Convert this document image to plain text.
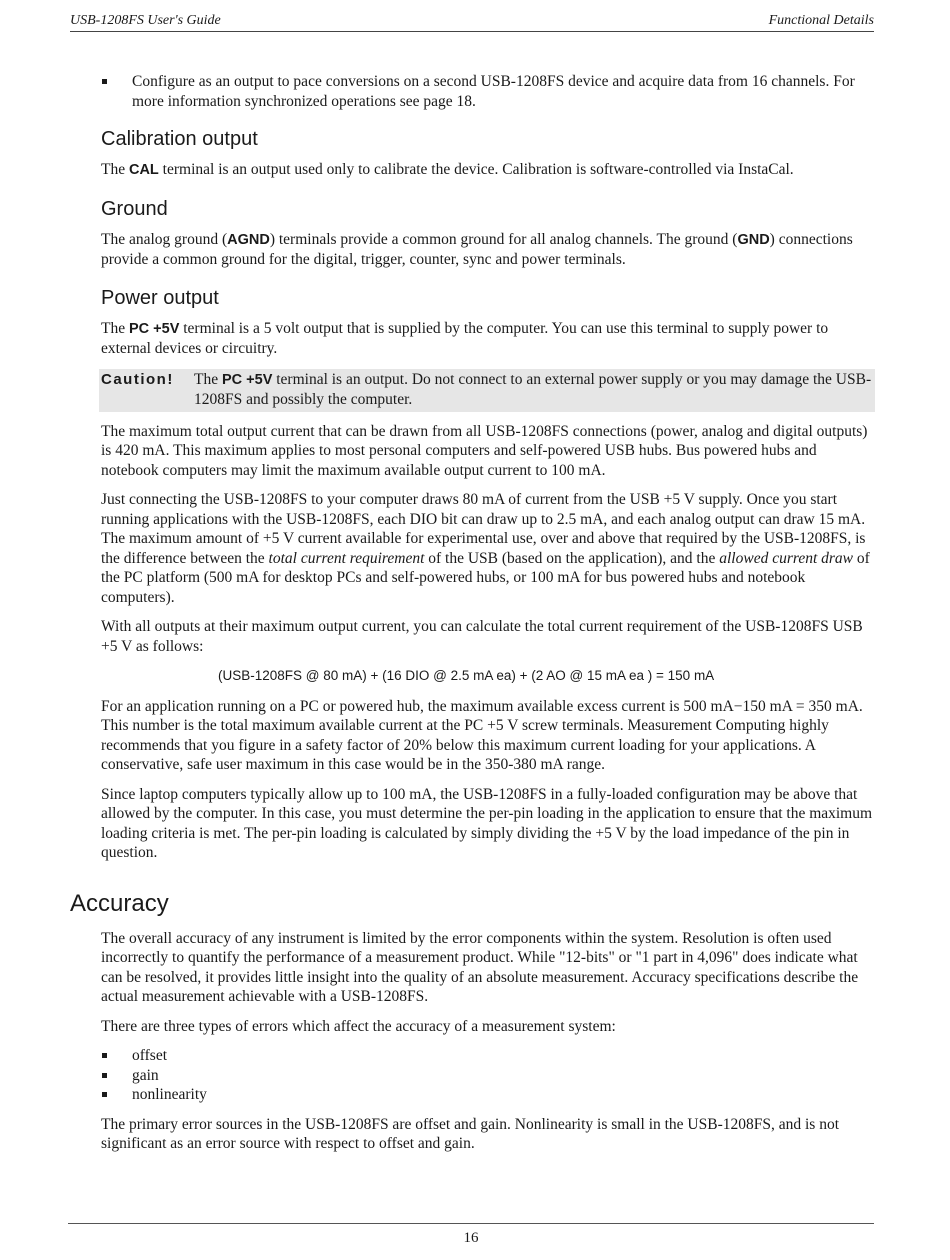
USB-1208FS User's Guide	Functional Details
Configure as an output to pace conversions on a second USB-1208FS device and acquire data from 16 channels. For more information synchronized operations see page 18.
Calibration output

The CAL terminal is an output used only to calibrate the device. Calibration is software-controlled via InstaCal.

Ground

The analog ground (AGND) terminals provide a common ground for all analog channels. The ground (GND) connections provide a common ground for the digital, trigger, counter, sync and power terminals.

Power output

The PC +5V terminal is a 5 volt output that is supplied by the computer. You can use this terminal to supply power to external devices or circuitry.

Caution! The PC +5V terminal is an output. Do not connect to an external power supply or you may damage the USB-1208FS and possibly the computer.

The maximum total output current that can be drawn from all USB-1208FS connections (power, analog and digital outputs) is 420 mA. This maximum applies to most personal computers and self-powered USB hubs. Bus powered hubs and notebook computers may limit the maximum available output current to 100 mA.

Just connecting the USB-1208FS to your computer draws 80 mA of current from the USB +5 V supply. Once you start running applications with the USB-1208FS, each DIO bit can draw up to 2.5 mA, and each analog output can draw 15 mA. The maximum amount of +5 V current available for experimental use, over and above that required by the USB-1208FS, is the difference between the total current requirement of the USB (based on the application), and the allowed current draw of the PC platform (500 mA for desktop PCs and self-powered hubs, or 100 mA for bus powered hubs and notebook computers).

With all outputs at their maximum output current, you can calculate the total current requirement of the USB-1208FS USB +5 V as follows:

(USB-1208FS @ 80 mA) + (16 DIO @ 2.5 mA ea) + (2 AO @ 15 mA ea ) = 150 mA

For an application running on a PC or powered hub, the maximum available excess current is 500 mA−150 mA = 350 mA. This number is the total maximum available current at the PC +5 V screw terminals. Measurement Computing highly recommends that you figure in a safety factor of 20% below this maximum current loading for your applications. A conservative, safe user maximum in this case would be in the 350-380 mA range.

Since laptop computers typically allow up to 100 mA, the USB-1208FS in a fully-loaded configuration may be above that allowed by the computer. In this case, you must determine the per-pin loading in the application to ensure that the maximum loading criteria is met. The per-pin loading is calculated by simply dividing the +5 V by the load impedance of the pin in question.

Accuracy

The overall accuracy of any instrument is limited by the error components within the system. Resolution is often used incorrectly to quantify the performance of a measurement product. While "12-bits" or "1 part in 4,096" does indicate what can be resolved, it provides little insight into the quality of an absolute measurement. Accuracy specifications describe the actual measurement achievable with a USB-1208FS.

There are three types of errors which affect the accuracy of a measurement system:

offset
gain
nonlinearity

The primary error sources in the USB-1208FS are offset and gain. Nonlinearity is small in the USB-1208FS, and is not significant as an error source with respect to offset and gain.

16
